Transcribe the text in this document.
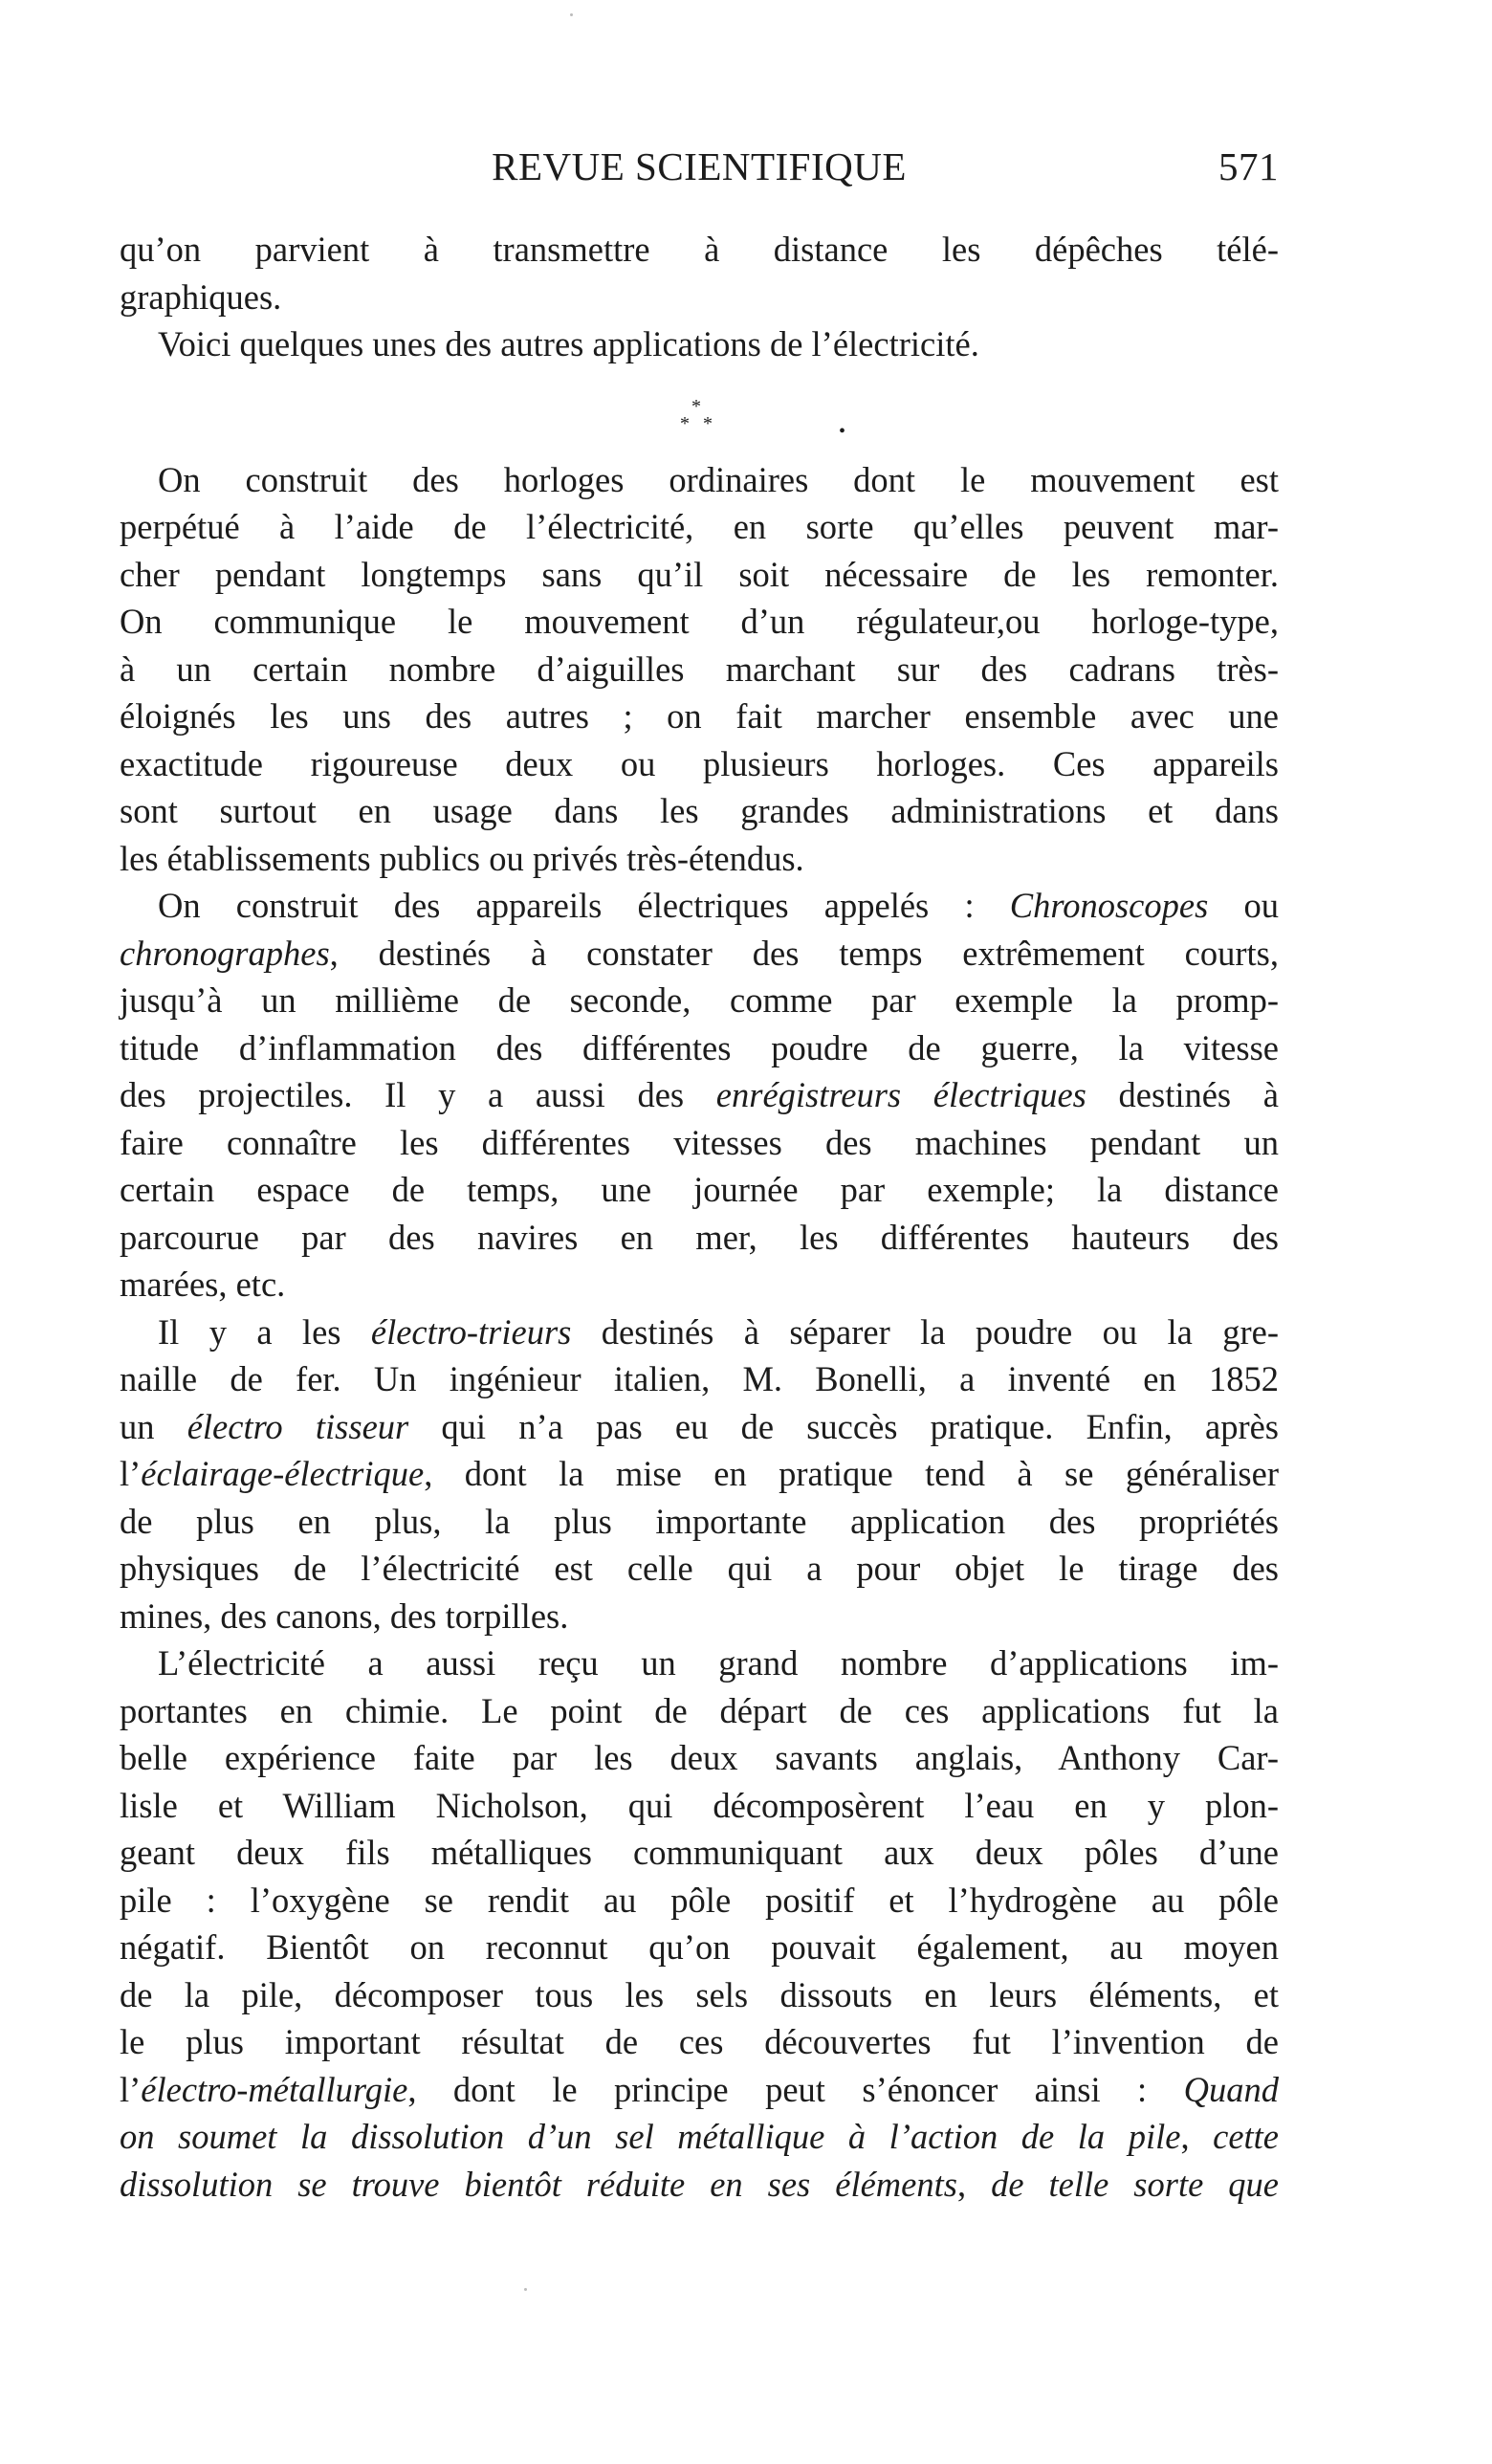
REVUE SCIENTIFIQUE	571
qu’on parvient à transmettre à distance les dépêches télé-
graphiques.
Voici quelques unes des autres applications de l’électricité.
*
* *	•
On construit des horloges ordinaires dont le mouvement est
perpétué à l’aide de l’électricité, en sorte qu’elles peuvent mar-
cher pendant longtemps sans qu’il soit nécessaire de les remonter.
On communique le mouvement d’un régulateur,ou horloge-type,
à un certain nombre d’aiguilles marchant sur des cadrans très-
éloignés les uns des autres ; on fait marcher ensemble avec une
exactitude rigoureuse deux ou plusieurs horloges. Ces appareils
sont surtout en usage dans les grandes administrations et dans
les établissements publics ou privés très-étendus.
On construit des appareils électriques appelés : Chronoscopes ou
chronographes, destinés à constater des temps extrêmement courts,
jusqu’à un millième de seconde, comme par exemple la promp-
titude d’inflammation des différentes poudre de guerre, la vitesse
des projectiles. Il y a aussi des enrégistreurs électriques destinés à
faire connaître les différentes vitesses des machines pendant un
certain espace de temps, une journée par exemple; la distance
parcourue par des navires en mer, les différentes hauteurs des
marées, etc.
Il y a les électro-trieurs destinés à séparer la poudre ou la gre-
naille de fer. Un ingénieur italien, M. Bonelli, a inventé en 1852
un électro tisseur qui n’a pas eu de succès pratique. Enfin, après
l’éclairage-électrique, dont la mise en pratique tend à se généraliser
de plus en plus, la plus importante application des propriétés
physiques de l’électricité est celle qui a pour objet le tirage des
mines, des canons, des torpilles.
L’électricité a aussi reçu un grand nombre d’applications im-
portantes en chimie. Le point de départ de ces applications fut la
belle expérience faite par les deux savants anglais, Anthony Car-
lisle et William Nicholson, qui décomposèrent l’eau en y plon-
geant deux fils métalliques communiquant aux deux pôles d’une
pile : l’oxygène se rendit au pôle positif et l’hydrogène au pôle
négatif. Bientôt on reconnut qu’on pouvait également, au moyen
de la pile, décomposer tous les sels dissouts en leurs éléments, et
le plus important résultat de ces découvertes fut l’invention de
l’électro-métallurgie, dont le principe peut s’énoncer ainsi : Quand
on soumet la dissolution d’un sel métallique à l’action de la pile, cette
dissolution se trouve bientôt réduite en ses éléments, de telle sorte que
